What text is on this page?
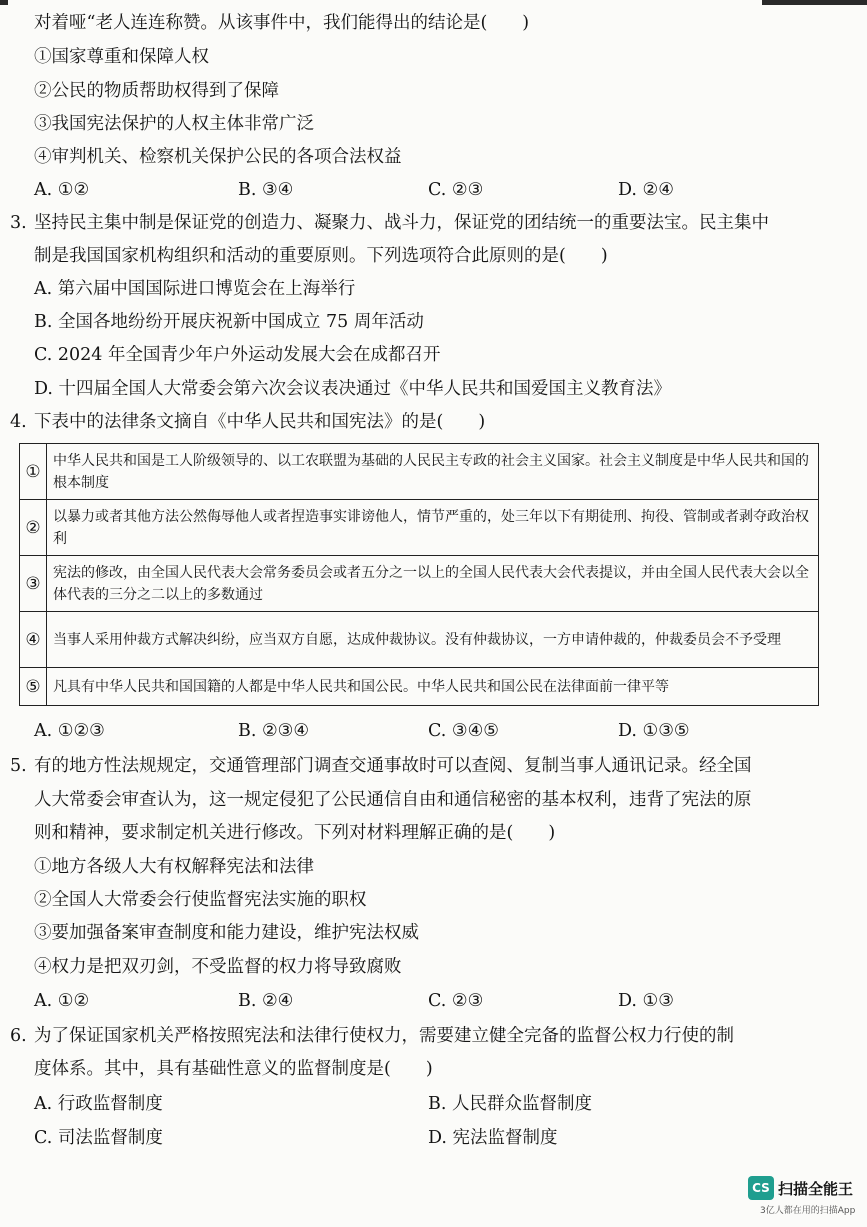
对着哑“老人连连称赞。从该事件中，我们能得出的结论是(　　)
①国家尊重和保障人权
②公民的物质帮助权得到了保障
③我国宪法保护的人权主体非常广泛
④审判机关、检察机关保护公民的各项合法权益
A. ①②	B. ③④	C. ②③	D. ②④
3. 坚持民主集中制是保证党的创造力、凝聚力、战斗力，保证党的团结统一的重要法宝。民主集中
制是我国国家机构组织和活动的重要原则。下列选项符合此原则的是(　　)
A. 第六届中国国际进口博览会在上海举行
B. 全国各地纷纷开展庆祝新中国成立 75 周年活动
C. 2024 年全国青少年户外运动发展大会在成都召开
D. 十四届全国人大常委会第六次会议表决通过《中华人民共和国爱国主义教育法》
4. 下表中的法律条文摘自《中华人民共和国宪法》的是(　　)
①	中华人民共和国是工人阶级领导的、以工农联盟为基础的人民民主专政的社会主义国家。社会主义制度是中华人民共和国的根本制度
②	以暴力或者其他方法公然侮辱他人或者捏造事实诽谤他人，情节严重的，处三年以下有期徒刑、拘役、管制或者剥夺政治权利
③	宪法的修改，由全国人民代表大会常务委员会或者五分之一以上的全国人民代表大会代表提议，并由全国人民代表大会以全体代表的三分之二以上的多数通过
④	当事人采用仲裁方式解决纠纷，应当双方自愿，达成仲裁协议。没有仲裁协议，一方申请仲裁的，仲裁委员会不予受理
⑤	凡具有中华人民共和国国籍的人都是中华人民共和国公民。中华人民共和国公民在法律面前一律平等
A. ①②③	B. ②③④	C. ③④⑤	D. ①③⑤
5. 有的地方性法规规定，交通管理部门调查交通事故时可以查阅、复制当事人通讯记录。经全国
人大常委会审查认为，这一规定侵犯了公民通信自由和通信秘密的基本权利，违背了宪法的原
则和精神，要求制定机关进行修改。下列对材料理解正确的是(　　)
①地方各级人大有权解释宪法和法律
②全国人大常委会行使监督宪法实施的职权
③要加强备案审查制度和能力建设，维护宪法权威
④权力是把双刃剑，不受监督的权力将导致腐败
A. ①②	B. ②④	C. ②③	D. ①③
6. 为了保证国家机关严格按照宪法和法律行使权力，需要建立健全完备的监督公权力行使的制
度体系。其中，具有基础性意义的监督制度是(　　)
A. 行政监督制度	B. 人民群众监督制度
C. 司法监督制度	D. 宪法监督制度
CS 扫描全能王
3亿人都在用的扫描App
